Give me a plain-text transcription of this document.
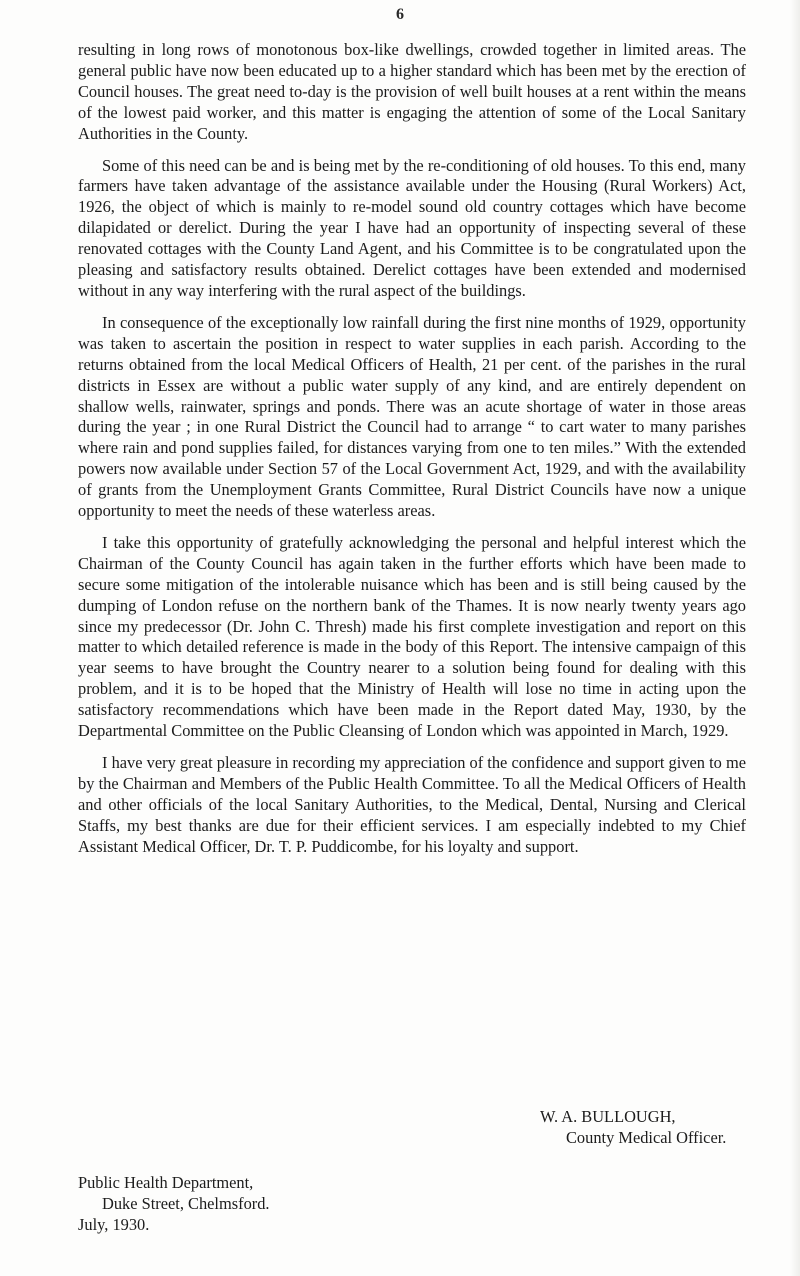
6

resulting in long rows of monotonous box-like dwellings, crowded together in limited areas. The general public have now been educated up to a higher standard which has been met by the erection of Council houses. The great need to-day is the provision of well built houses at a rent within the means of the lowest paid worker, and this matter is engaging the attention of some of the Local Sanitary Authorities in the County.

Some of this need can be and is being met by the re-conditioning of old houses. To this end, many farmers have taken advantage of the assistance available under the Housing (Rural Workers) Act, 1926, the object of which is mainly to re-model sound old country cottages which have become dilapidated or derelict. During the year I have had an opportunity of inspecting several of these renovated cottages with the County Land Agent, and his Committee is to be congratulated upon the pleasing and satisfactory results obtained. Derelict cottages have been extended and modernised without in any way interfering with the rural aspect of the buildings.

In consequence of the exceptionally low rainfall during the first nine months of 1929, opportunity was taken to ascertain the position in respect to water supplies in each parish. According to the returns obtained from the local Medical Officers of Health, 21 per cent. of the parishes in the rural districts in Essex are without a public water supply of any kind, and are entirely dependent on shallow wells, rainwater, springs and ponds. There was an acute shortage of water in those areas during the year ; in one Rural District the Council had to arrange “ to cart water to many parishes where rain and pond supplies failed, for distances varying from one to ten miles.” With the extended powers now available under Section 57 of the Local Government Act, 1929, and with the availability of grants from the Unemployment Grants Committee, Rural District Councils have now a unique opportunity to meet the needs of these waterless areas.

I take this opportunity of gratefully acknowledging the personal and helpful interest which the Chairman of the County Council has again taken in the further efforts which have been made to secure some mitigation of the intolerable nuisance which has been and is still being caused by the dumping of London refuse on the northern bank of the Thames. It is now nearly twenty years ago since my predecessor (Dr. John C. Thresh) made his first complete investigation and report on this matter to which detailed reference is made in the body of this Report. The intensive campaign of this year seems to have brought the Country nearer to a solution being found for dealing with this problem, and it is to be hoped that the Ministry of Health will lose no time in acting upon the satisfactory recommendations which have been made in the Report dated May, 1930, by the Departmental Committee on the Public Cleansing of London which was appointed in March, 1929.

I have very great pleasure in recording my appreciation of the confidence and support given to me by the Chairman and Members of the Public Health Committee. To all the Medical Officers of Health and other officials of the local Sanitary Authorities, to the Medical, Dental, Nursing and Clerical Staffs, my best thanks are due for their efficient services. I am especially indebted to my Chief Assistant Medical Officer, Dr. T. P. Puddicombe, for his loyalty and support.

W. A. BULLOUGH,
County Medical Officer.
Public Health Department,
Duke Street, Chelmsford.
July, 1930.
